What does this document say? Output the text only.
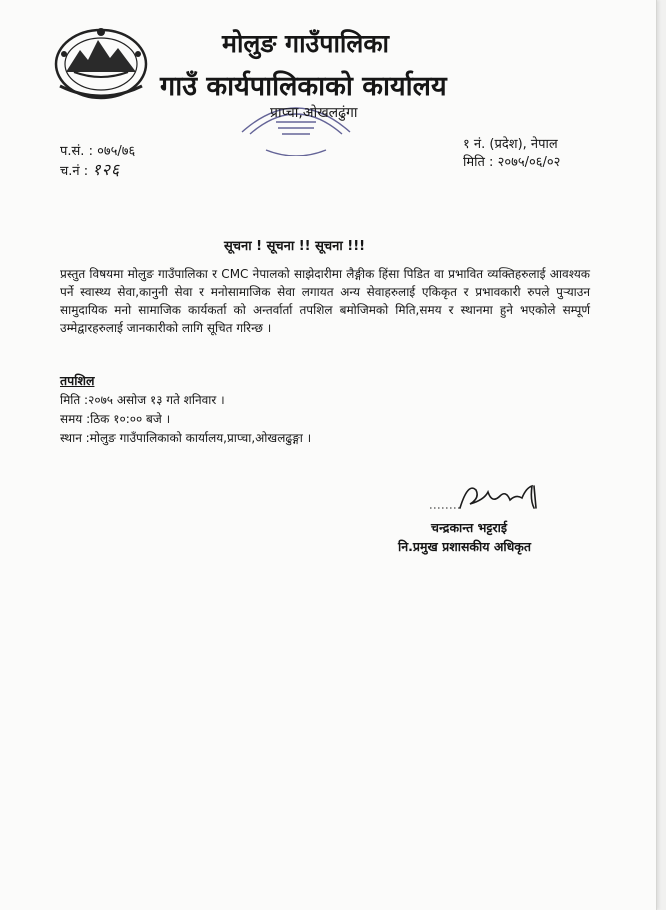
मोलुङ गाउँपालिका
गाउँ कार्यपालिकाको कार्यालय
प्राप्चा,ओखलढुंगा
प.सं. : ०७५/७६
च.नं : १२६
१ नं. (प्रदेश), नेपाल
मिति : २०७५/०६/०२
सूचना ! सूचना !! सूचना !!!
प्रस्तुत विषयमा मोलुङ गाउँपालिका र CMC नेपालको साझेदारीमा लैङ्गीक हिंसा पिडित वा प्रभावित व्यक्तिहरुलाई आवश्यक पर्ने स्वास्थ्य सेवा,कानुनी सेवा र मनोसामाजिक सेवा लगायत अन्य सेवाहरुलाई एकिकृत र प्रभावकारी रुपले पुऱ्याउन सामुदायिक मनो सामाजिक कार्यकर्ता को अन्तर्वार्ता तपशिल बमोजिमको मिति,समय र स्थानमा हुने भएकोले सम्पूर्ण उम्मेद्वारहरुलाई जानकारीको लागि सूचित गरिन्छ ।
तपशिल
मिति :२०७५ असोज १३ गते शनिवार ।
समय :ठिक १०:०० बजे ।
स्थान :मोलुङ गाउँपालिकाको कार्यालय,प्राप्चा,ओखलढुङ्गा ।
चन्द्रकान्त भट्टराई
नि.प्रमुख प्रशासकीय अधिकृत
